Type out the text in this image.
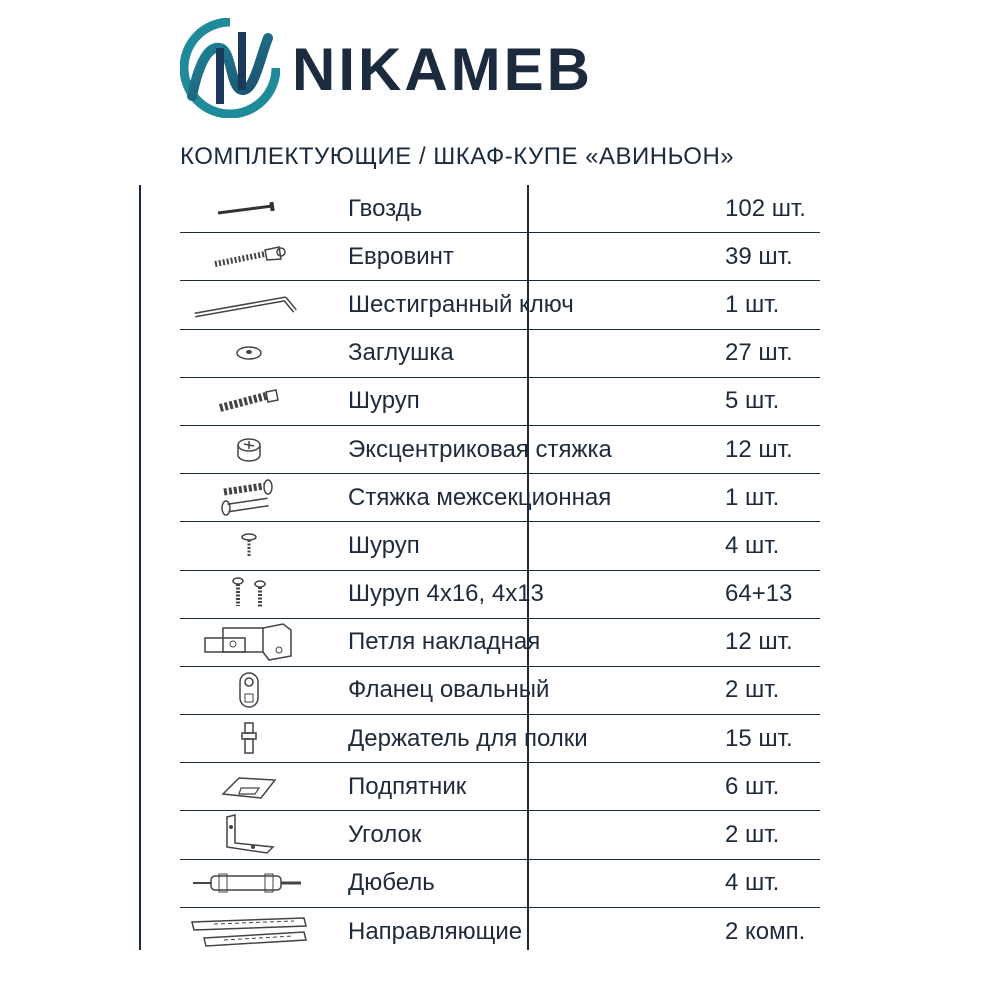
NIKAMEB
КОМПЛЕКТУЮЩИЕ / ШКАФ-КУПЕ «АВИНЬОН»
Гвоздь	102 шт.
Евровинт	39 шт.
Шестигранный ключ	1 шт.
Заглушка	27 шт.
Шуруп	5 шт.
Эксцентриковая стяжка	12 шт.
Стяжка межсекционная	1 шт.
Шуруп	4 шт.
Шуруп 4х16, 4х13	64+13
Петля накладная	12 шт.
Фланец овальный	2 шт.
Держатель для полки	15 шт.
Подпятник	6 шт.
Уголок	2 шт.
Дюбель	4 шт.
Направляющие	2 комп.
